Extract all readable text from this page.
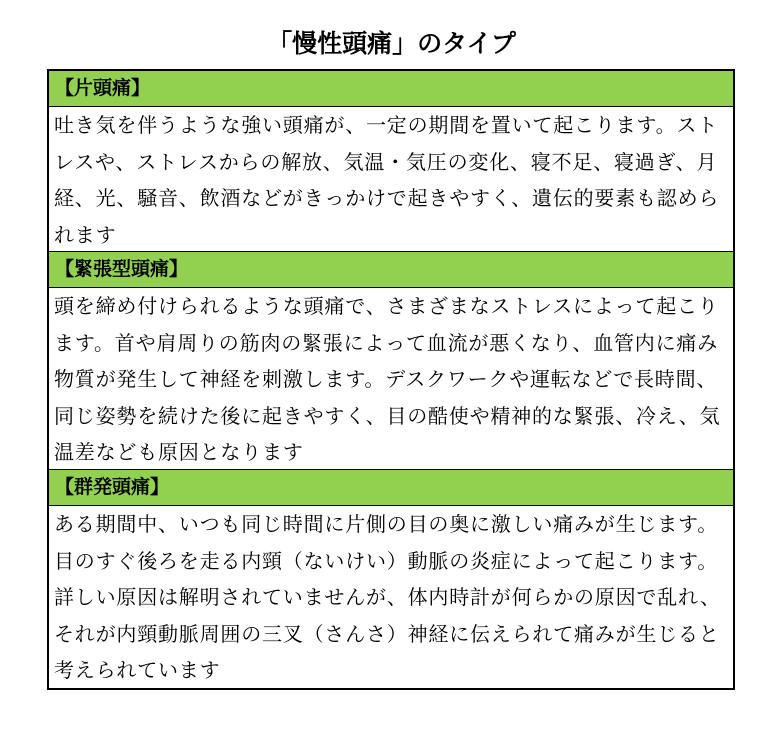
「慢性頭痛」のタイプ
【片頭痛】
吐き気を伴うような強い頭痛が、一定の期間を置いて起こります。ストレスや、ストレスからの解放、気温・気圧の変化、寝不足、寝過ぎ、月経、光、騒音、飲酒などがきっかけで起きやすく、遺伝的要素も認められます
【緊張型頭痛】
頭を締め付けられるような頭痛で、さまざまなストレスによって起こります。首や肩周りの筋肉の緊張によって血流が悪くなり、血管内に痛み物質が発生して神経を刺激します。デスクワークや運転などで長時間、同じ姿勢を続けた後に起きやすく、目の酷使や精神的な緊張、冷え、気温差なども原因となります
【群発頭痛】
ある期間中、いつも同じ時間に片側の目の奥に激しい痛みが生じます。目のすぐ後ろを走る内頸（ないけい）動脈の炎症によって起こります。詳しい原因は解明されていませんが、体内時計が何らかの原因で乱れ、それが内頸動脈周囲の三叉（さんさ）神経に伝えられて痛みが生じると考えられています
